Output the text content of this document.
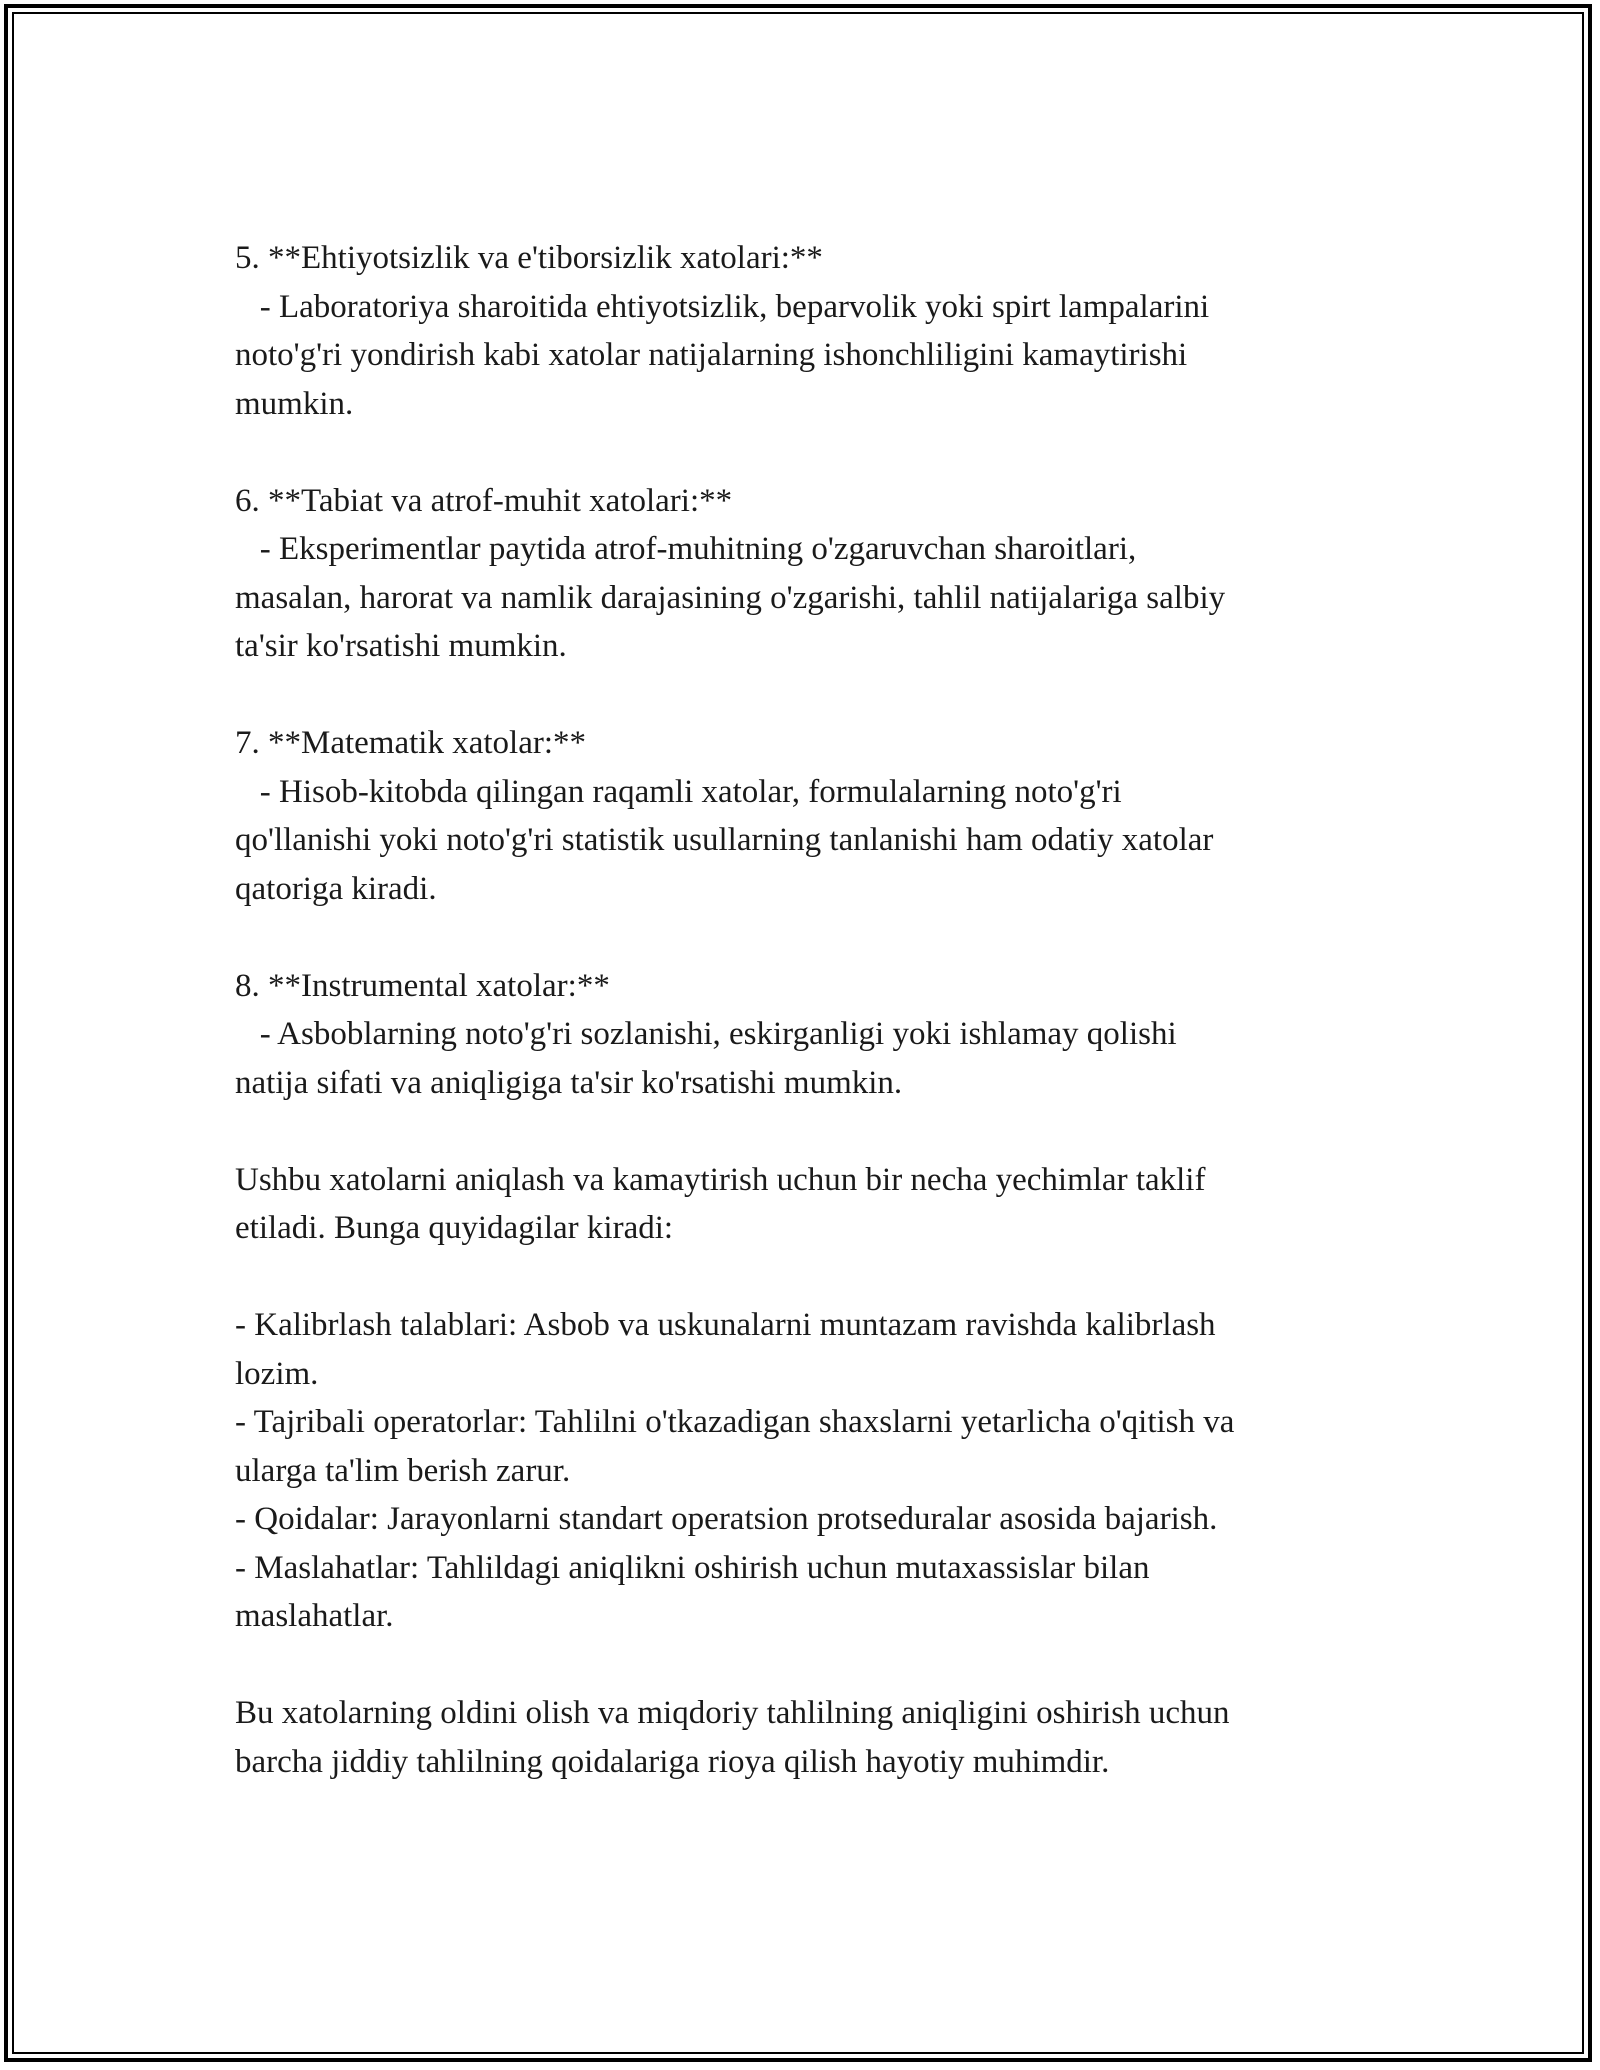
5. **Ehtiyotsizlik va e'tiborsizlik xatolari:**
- Laboratoriya sharoitida ehtiyotsizlik, beparvolik yoki spirt lampalarini
noto'g'ri yondirish kabi xatolar natijalarning ishonchliligini kamaytirishi
mumkin.
6. **Tabiat va atrof-muhit xatolari:**
- Eksperimentlar paytida atrof-muhitning o'zgaruvchan sharoitlari,
masalan, harorat va namlik darajasining o'zgarishi, tahlil natijalariga salbiy
ta'sir ko'rsatishi mumkin.
7. **Matematik xatolar:**
- Hisob-kitobda qilingan raqamli xatolar, formulalarning noto'g'ri
qo'llanishi yoki noto'g'ri statistik usullarning tanlanishi ham odatiy xatolar
qatoriga kiradi.
8. **Instrumental xatolar:**
- Asboblarning noto'g'ri sozlanishi, eskirganligi yoki ishlamay qolishi
natija sifati va aniqligiga ta'sir ko'rsatishi mumkin.
Ushbu xatolarni aniqlash va kamaytirish uchun bir necha yechimlar taklif
etiladi. Bunga quyidagilar kiradi:
- Kalibrlash talablari: Asbob va uskunalarni muntazam ravishda kalibrlash
lozim.
- Tajribali operatorlar: Tahlilni o'tkazadigan shaxslarni yetarlicha o'qitish va
ularga ta'lim berish zarur.
- Qoidalar: Jarayonlarni standart operatsion protseduralar asosida bajarish.
- Maslahatlar: Tahlildagi aniqlikni oshirish uchun mutaxassislar bilan
maslahatlar.
Bu xatolarning oldini olish va miqdoriy tahlilning aniqligini oshirish uchun
barcha jiddiy tahlilning qoidalariga rioya qilish hayotiy muhimdir.
